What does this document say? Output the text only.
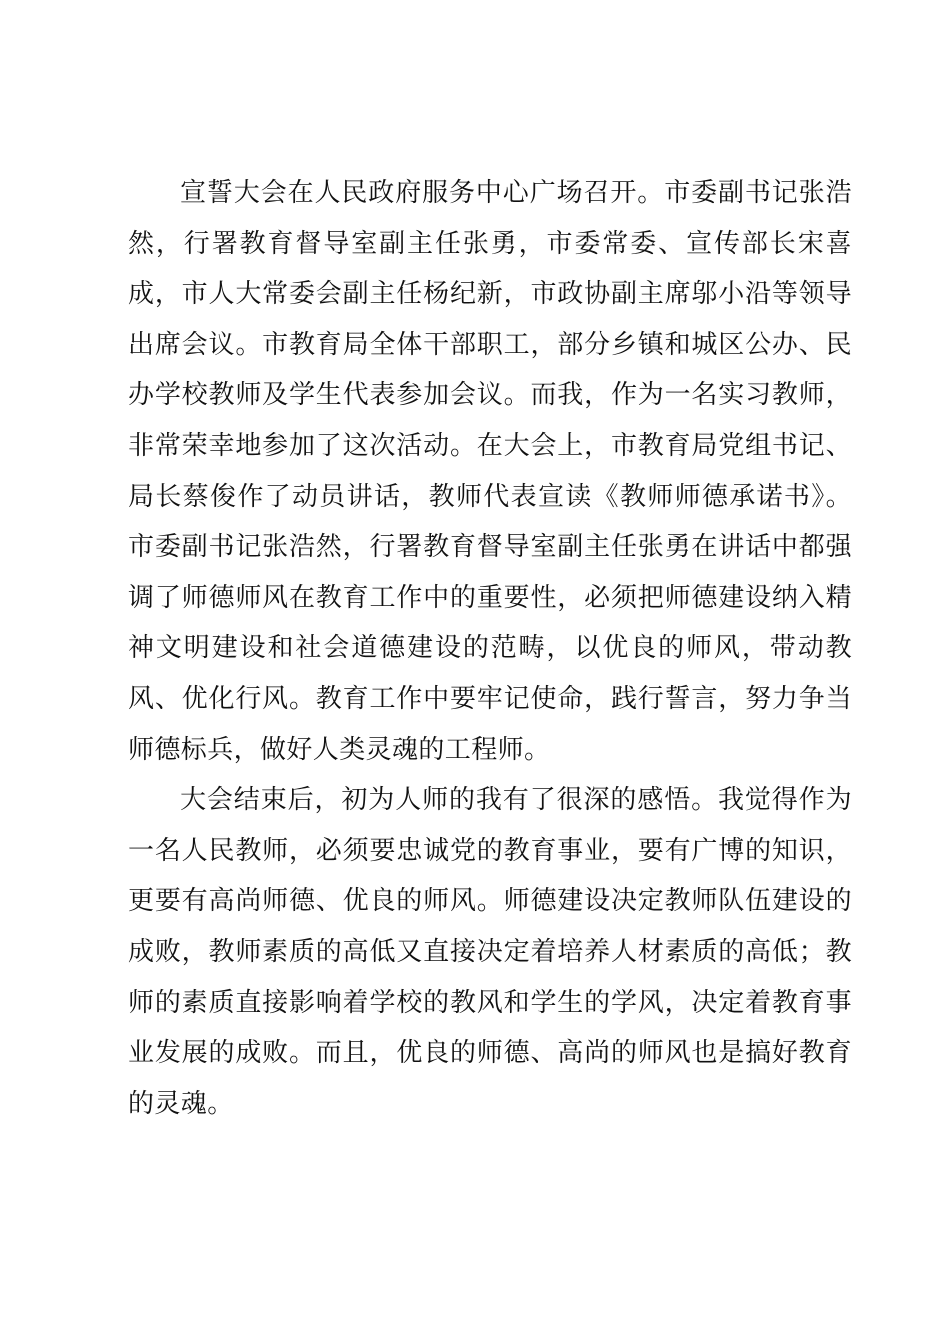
宣誓大会在人民政府服务中心广场召开。市委副书记张浩然，行署教育督导室副主任张勇，市委常委、宣传部长宋喜成，市人大常委会副主任杨纪新，市政协副主席邬小沿等领导出席会议。市教育局全体干部职工，部分乡镇和城区公办、民办学校教师及学生代表参加会议。而我，作为一名实习教师，非常荣幸地参加了这次活动。在大会上，市教育局党组书记、局长蔡俊作了动员讲话，教师代表宣读《教师师德承诺书》。市委副书记张浩然，行署教育督导室副主任张勇在讲话中都强调了师德师风在教育工作中的重要性，必须把师德建设纳入精神文明建设和社会道德建设的范畴，以优良的师风，带动教风、优化行风。教育工作中要牢记使命，践行誓言，努力争当师德标兵，做好人类灵魂的工程师。

大会结束后，初为人师的我有了很深的感悟。我觉得作为一名人民教师，必须要忠诚党的教育事业，要有广博的知识，更要有高尚师德、优良的师风。师德建设决定教师队伍建设的成败，教师素质的高低又直接决定着培养人材素质的高低；教师的素质直接影响着学校的教风和学生的学风，决定着教育事业发展的成败。而且，优良的师德、高尚的师风也是搞好教育的灵魂。
